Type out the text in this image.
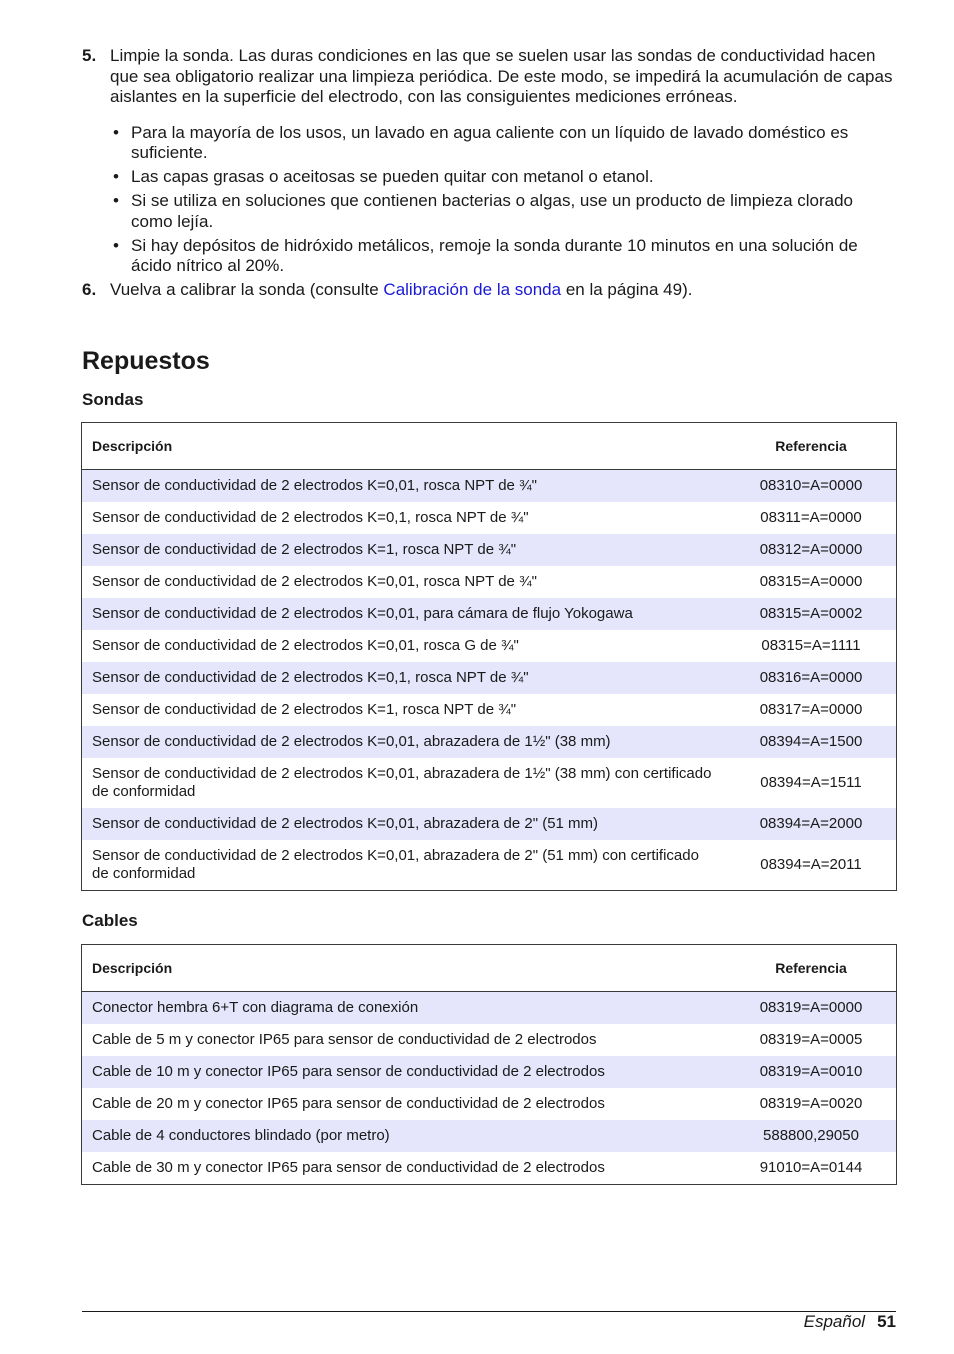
5. Limpie la sonda. Las duras condiciones en las que se suelen usar las sondas de conductividad hacen que sea obligatorio realizar una limpieza periódica. De este modo, se impedirá la acumulación de capas aislantes en la superficie del electrodo, con las consiguientes mediciones erróneas.
• Para la mayoría de los usos, un lavado en agua caliente con un líquido de lavado doméstico es suficiente.
• Las capas grasas o aceitosas se pueden quitar con metanol o etanol.
• Si se utiliza en soluciones que contienen bacterias o algas, use un producto de limpieza clorado como lejía.
• Si hay depósitos de hidróxido metálicos, remoje la sonda durante 10 minutos en una solución de ácido nítrico al 20%.
6. Vuelva a calibrar la sonda (consulte Calibración de la sonda en la página 49).
Repuestos
Sondas
Descripción	Referencia
Sensor de conductividad de 2 electrodos K=0,01, rosca NPT de ¾"	08310=A=0000
Sensor de conductividad de 2 electrodos K=0,1, rosca NPT de ¾"	08311=A=0000
Sensor de conductividad de 2 electrodos K=1, rosca NPT de ¾"	08312=A=0000
Sensor de conductividad de 2 electrodos K=0,01, rosca NPT de ¾"	08315=A=0000
Sensor de conductividad de 2 electrodos K=0,01, para cámara de flujo Yokogawa	08315=A=0002
Sensor de conductividad de 2 electrodos K=0,01, rosca G de ¾"	08315=A=1111
Sensor de conductividad de 2 electrodos K=0,1, rosca NPT de ¾"	08316=A=0000
Sensor de conductividad de 2 electrodos K=1, rosca NPT de ¾"	08317=A=0000
Sensor de conductividad de 2 electrodos K=0,01, abrazadera de 1½" (38 mm)	08394=A=1500
Sensor de conductividad de 2 electrodos K=0,01, abrazadera de 1½" (38 mm) con certificado de conformidad	08394=A=1511
Sensor de conductividad de 2 electrodos K=0,01, abrazadera de 2" (51 mm)	08394=A=2000
Sensor de conductividad de 2 electrodos K=0,01, abrazadera de 2" (51 mm) con certificado de conformidad	08394=A=2011
Cables
Descripción	Referencia
Conector hembra 6+T con diagrama de conexión	08319=A=0000
Cable de 5 m y conector IP65 para sensor de conductividad de 2 electrodos	08319=A=0005
Cable de 10 m y conector IP65 para sensor de conductividad de 2 electrodos	08319=A=0010
Cable de 20 m y conector IP65 para sensor de conductividad de 2 electrodos	08319=A=0020
Cable de 4 conductores blindado (por metro)	588800,29050
Cable de 30 m y conector IP65 para sensor de conductividad de 2 electrodos	91010=A=0144
Español 51
